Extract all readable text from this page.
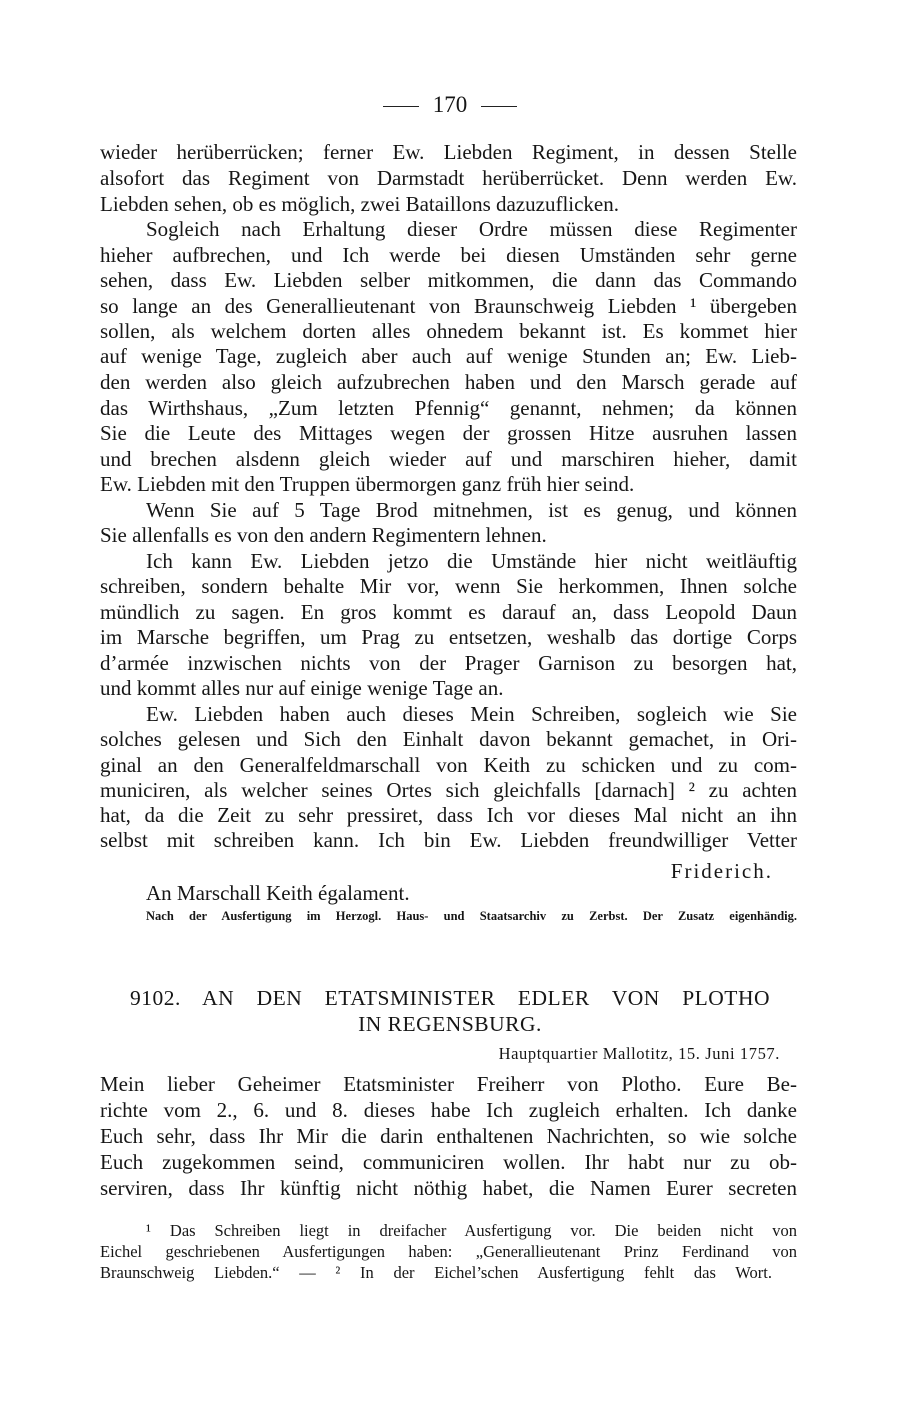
170
wieder herüberrücken; ferner Ew. Liebden Regiment, in dessen Stelle
alsofort das Regiment von Darmstadt herüberrücket. Denn werden Ew.
Liebden sehen, ob es möglich, zwei Bataillons dazuzuflicken.
Sogleich nach Erhaltung dieser Ordre müssen diese Regimenter
hieher aufbrechen, und Ich werde bei diesen Umständen sehr gerne
sehen, dass Ew. Liebden selber mitkommen, die dann das Commando
so lange an des Generallieutenant von Braunschweig Liebden ¹ übergeben
sollen, als welchem dorten alles ohnedem bekannt ist. Es kommet hier
auf wenige Tage, zugleich aber auch auf wenige Stunden an; Ew. Lieb-
den werden also gleich aufzubrechen haben und den Marsch gerade auf
das Wirthshaus, „Zum letzten Pfennig“ genannt, nehmen; da können
Sie die Leute des Mittages wegen der grossen Hitze ausruhen lassen
und brechen alsdenn gleich wieder auf und marschiren hieher, damit
Ew. Liebden mit den Truppen übermorgen ganz früh hier seind.
Wenn Sie auf 5 Tage Brod mitnehmen, ist es genug, und können
Sie allenfalls es von den andern Regimentern lehnen.
Ich kann Ew. Liebden jetzo die Umstände hier nicht weitläuftig
schreiben, sondern behalte Mir vor, wenn Sie herkommen, Ihnen solche
mündlich zu sagen. En gros kommt es darauf an, dass Leopold Daun
im Marsche begriffen, um Prag zu entsetzen, weshalb das dortige Corps
d’armée inzwischen nichts von der Prager Garnison zu besorgen hat,
und kommt alles nur auf einige wenige Tage an.
Ew. Liebden haben auch dieses Mein Schreiben, sogleich wie Sie
solches gelesen und Sich den Einhalt davon bekannt gemachet, in Ori-
ginal an den Generalfeldmarschall von Keith zu schicken und zu com-
municiren, als welcher seines Ortes sich gleichfalls [darnach] ² zu achten
hat, da die Zeit zu sehr pressiret, dass Ich vor dieses Mal nicht an ihn
selbst mit schreiben kann. Ich bin Ew. Liebden freundwilliger Vetter
Friderich.
An Marschall Keith égalament.
Nach der Ausfertigung im Herzogl. Haus- und Staatsarchiv zu Zerbst. Der Zusatz eigenhändig.
9102. AN DEN ETATSMINISTER EDLER VON PLOTHO
IN REGENSBURG.
Hauptquartier Mallotitz, 15. Juni 1757.
Mein lieber Geheimer Etatsminister Freiherr von Plotho. Eure Be-
richte vom 2., 6. und 8. dieses habe Ich zugleich erhalten. Ich danke
Euch sehr, dass Ihr Mir die darin enthaltenen Nachrichten, so wie solche
Euch zugekommen seind, communiciren wollen. Ihr habt nur zu ob-
serviren, dass Ihr künftig nicht nöthig habet, die Namen Eurer secreten
¹ Das Schreiben liegt in dreifacher Ausfertigung vor. Die beiden nicht von
Eichel geschriebenen Ausfertigungen haben: „Generallieutenant Prinz Ferdinand von
Braunschweig Liebden.“ — ² In der Eichel’schen Ausfertigung fehlt das Wort.
